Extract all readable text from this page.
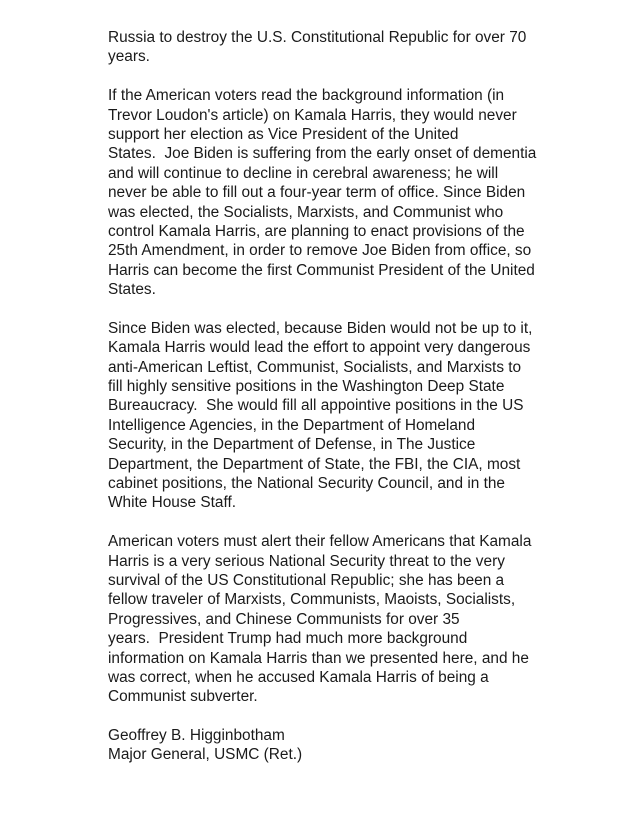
Russia to destroy the U.S. Constitutional Republic for over 70
years.
If the American voters read the background information (in
Trevor Loudon's article) on Kamala Harris, they would never
support her election as Vice President of the United
States.  Joe Biden is suffering from the early onset of dementia
and will continue to decline in cerebral awareness; he will
never be able to fill out a four-year term of office. Since Biden
was elected, the Socialists, Marxists, and Communist who
control Kamala Harris, are planning to enact provisions of the
25th Amendment, in order to remove Joe Biden from office, so
Harris can become the first Communist President of the United
States.
Since Biden was elected, because Biden would not be up to it,
Kamala Harris would lead the effort to appoint very dangerous
anti-American Leftist, Communist, Socialists, and Marxists to
fill highly sensitive positions in the Washington Deep State
Bureaucracy.  She would fill all appointive positions in the US
Intelligence Agencies, in the Department of Homeland
Security, in the Department of Defense, in The Justice
Department, the Department of State, the FBI, the CIA, most
cabinet positions, the National Security Council, and in the
White House Staff.
American voters must alert their fellow Americans that Kamala
Harris is a very serious National Security threat to the very
survival of the US Constitutional Republic; she has been a
fellow traveler of Marxists, Communists, Maoists, Socialists,
Progressives, and Chinese Communists for over 35
years.  President Trump had much more background
information on Kamala Harris than we presented here, and he
was correct, when he accused Kamala Harris of being a
Communist subverter.
Geoffrey B. Higginbotham
Major General, USMC (Ret.)
